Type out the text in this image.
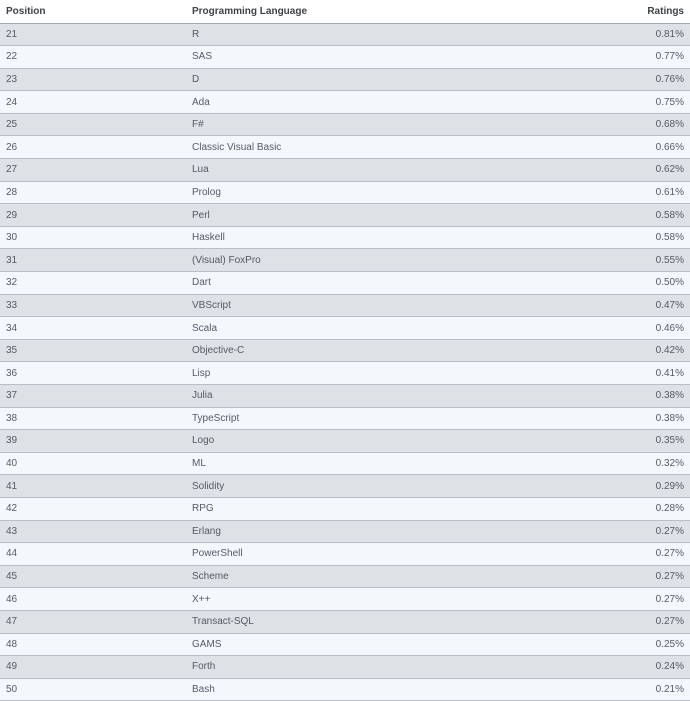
Position	Programming Language	Ratings
21	R	0.81%
22	SAS	0.77%
23	D	0.76%
24	Ada	0.75%
25	F#	0.68%
26	Classic Visual Basic	0.66%
27	Lua	0.62%
28	Prolog	0.61%
29	Perl	0.58%
30	Haskell	0.58%
31	(Visual) FoxPro	0.55%
32	Dart	0.50%
33	VBScript	0.47%
34	Scala	0.46%
35	Objective-C	0.42%
36	Lisp	0.41%
37	Julia	0.38%
38	TypeScript	0.38%
39	Logo	0.35%
40	ML	0.32%
41	Solidity	0.29%
42	RPG	0.28%
43	Erlang	0.27%
44	PowerShell	0.27%
45	Scheme	0.27%
46	X++	0.27%
47	Transact-SQL	0.27%
48	GAMS	0.25%
49	Forth	0.24%
50	Bash	0.21%
